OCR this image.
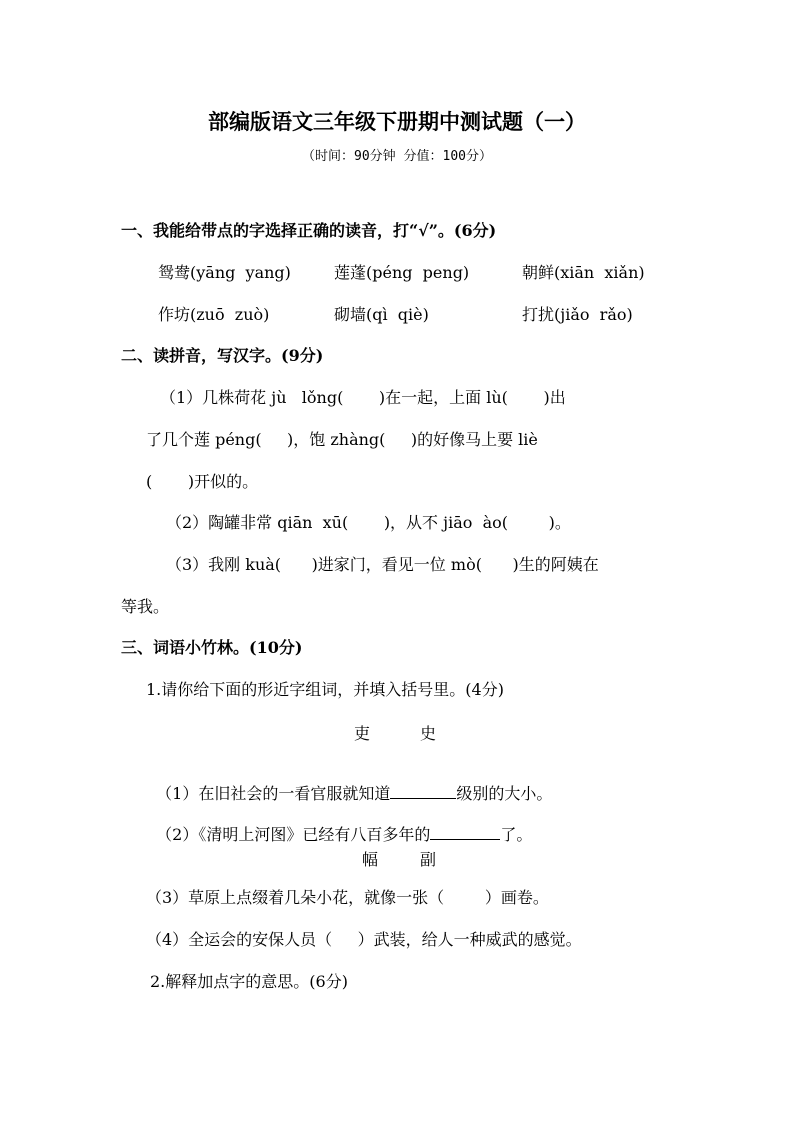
部编版语文三年级下册期中测试题（一）
（时间：90分钟 分值：100分）
一、我能给带点的字选择正确的读音，打“√”。(6分)
鸳鸯(yāng  yang)	莲蓬(péng  peng)	朝鲜(xiān  xiǎn)
作坊(zuō  zuò)	砌墙(qì  qiè)	打扰(jiǎo  rǎo)
二、读拼音，写汉字。(9分)
（1）几株荷花 jù   lǒng(       )在一起，上面 lù(       )出
了几个莲 péng(     )，饱 zhàng(     )的好像马上要 liè
(       )开似的。
（2）陶罐非常 qiān  xū(       )，从不 jiāo  ào(        )。
（3）我刚 kuà(      )进家门，看见一位 mò(      )生的阿姨在
等我。
三、词语小竹林。(10分)
1.请你给下面的形近字组词，并填入括号里。(4分)
吏	史

（1）在旧社会的一看官服就知道	级别的大小。

（2）《清明上河图》已经有八百多年的	了。

幅	副
（3）草原上点缀着几朵小花，就像一张（        ）画卷。
（4）全运会的安保人员（     ）武装，给人一种威武的感觉。
2.解释加点字的意思。(6分)
